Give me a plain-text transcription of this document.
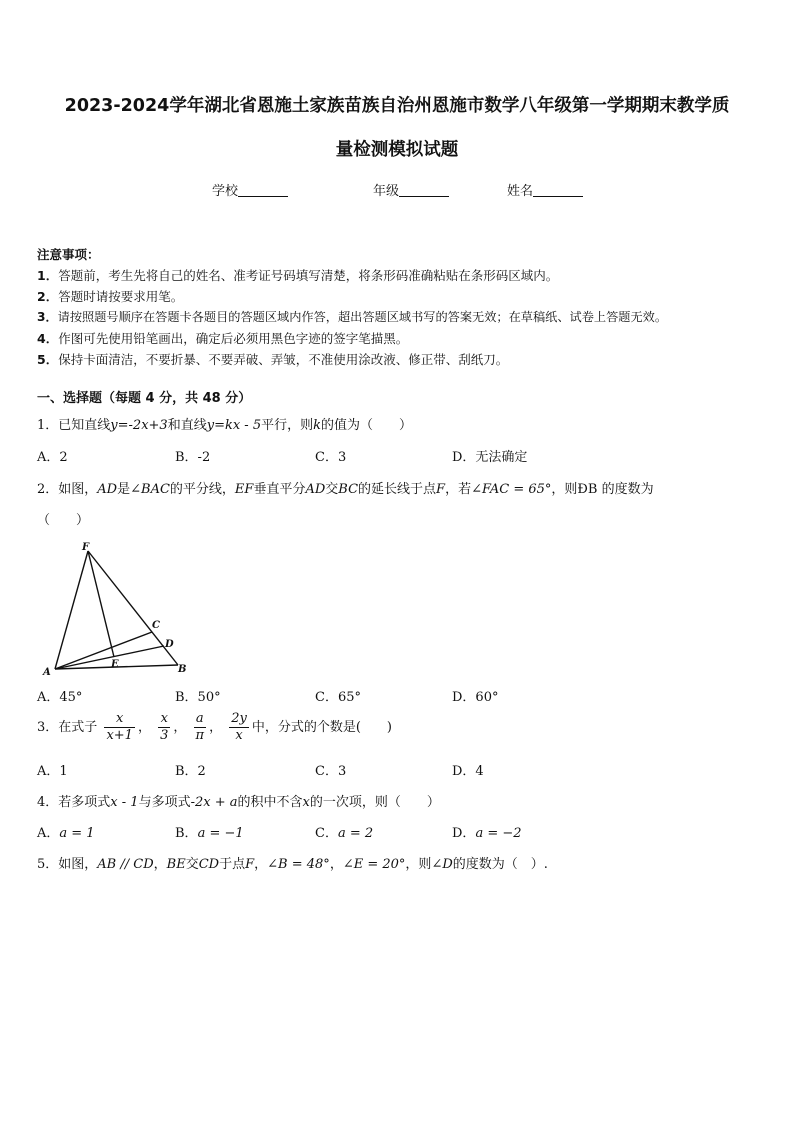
2023-2024学年湖北省恩施土家族苗族自治州恩施市数学八年级第一学期期末教学质
量检测模拟试题
学校	年级	姓名
注意事项：
1．答题前，考生先将自己的姓名、准考证号码填写清楚，将条形码准确粘贴在条形码区域内。
2．答题时请按要求用笔。
3．请按照题号顺序在答题卡各题目的答题区域内作答，超出答题区域书写的答案无效；在草稿纸、试卷上答题无效。
4．作图可先使用铅笔画出，确定后必须用黑色字迹的签字笔描黑。
5．保持卡面清洁，不要折暴、不要弄破、弄皱，不准使用涂改液、修正带、刮纸刀。
一、选择题（每题 4 分，共 48 分）
1．已知直线y=-2x+3和直线y=kx - 5平行，则k的值为（　　）
A．2	B．-2	C．3	D．无法确定
2．如图，AD是∠BAC的平分线，EF垂直平分AD交BC的延长线于点F，若∠FAC = 65°，则ÐB 的度数为
（　　）
F
C
D
A
E	B
A．45°	B．50°	C．65°	D．60°
3．在式子 $\frac{x}{x+1}$ ， $\frac{x}{3}$ ， $\frac{a}{\pi}$ ， $\frac{2y}{x}$ 中，分式的个数是(　　)
A．1	B．2	C．3	D．4
4．若多项式x - 1与多项式-2x + a的积中不含x的一次项，则（　　）
A．a = 1	B．a = −1	C．a = 2	D．a = −2
5．如图，AB // CD，BE交CD于点F，∠B = 48°，∠E = 20°，则∠D的度数为（　）.
